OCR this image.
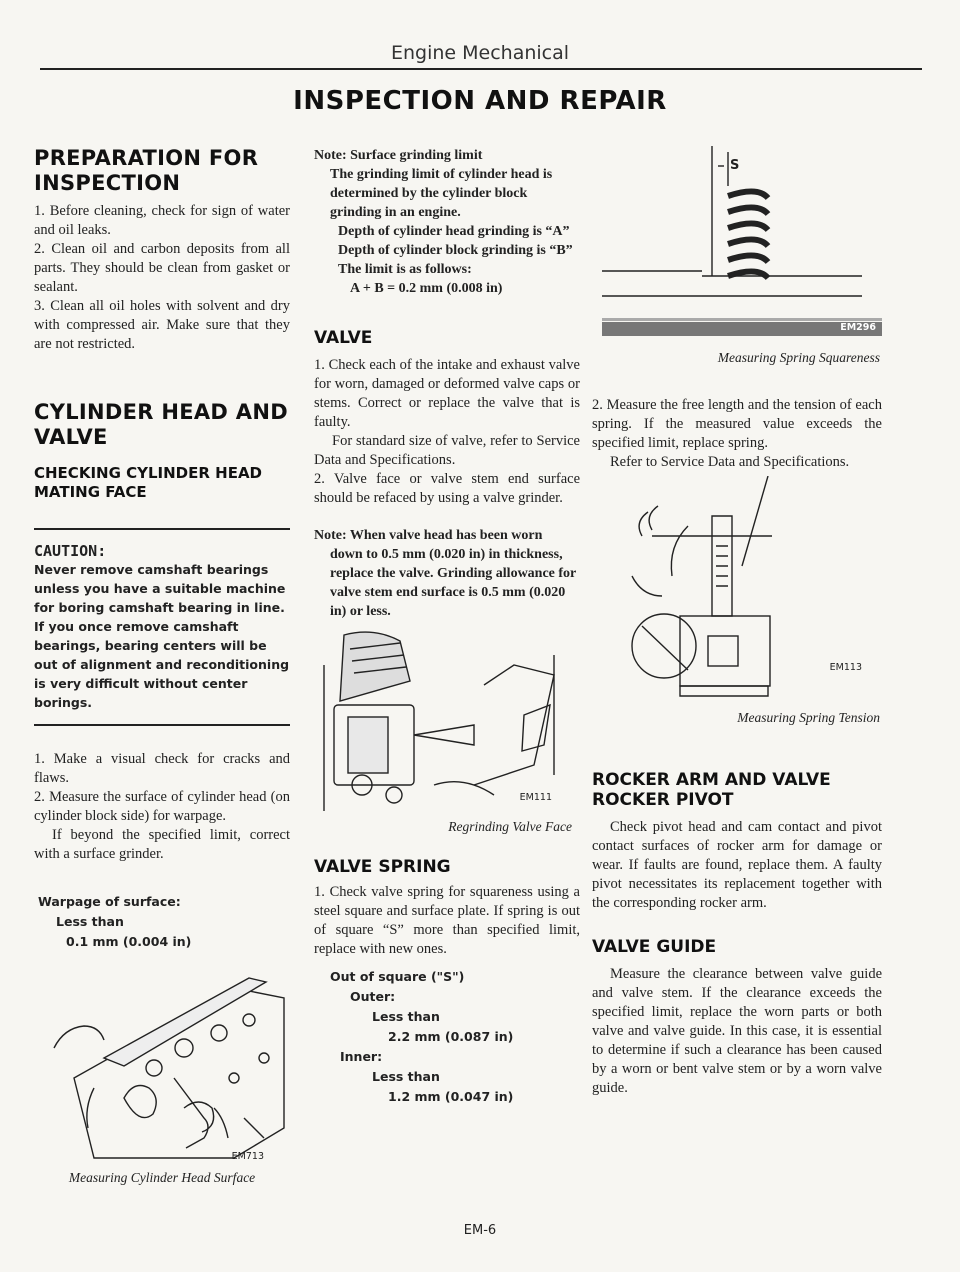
Engine Mechanical
INSPECTION AND REPAIR
PREPARATION FOR INSPECTION

1. Before cleaning, check for sign of water and oil leaks.

2. Clean oil and carbon deposits from all parts. They should be clean from gasket or sealant.

3. Clean all oil holes with solvent and dry with compressed air. Make sure that they are not restricted.

CYLINDER HEAD AND VALVE
CHECKING CYLINDER HEAD MATING FACE
CAUTION:
Never remove camshaft bearings unless you have a suitable machine for boring camshaft bearing in line. If you once remove camshaft bearings, bearing centers will be out of alignment and reconditioning is very difficult without center borings.

1. Make a visual check for cracks and flaws.

2. Measure the surface of cylinder head (on cylinder block side) for warpage.

If beyond the specified limit, correct with a surface grinder.

Warpage of surface:
Less than
0.1 mm (0.004 in)
EM713
Measuring Cylinder Head Surface
Note: Surface grinding limit
The grinding limit of cylinder head is determined by the cylinder block grinding in an engine.
Depth of cylinder head grinding is “A”
Depth of cylinder block grinding is “B”
The limit is as follows:
A + B = 0.2 mm (0.008 in)
VALVE

1. Check each of the intake and exhaust valve for worn, damaged or deformed valve caps or stems. Correct or replace the valve that is faulty.

For standard size of valve, refer to Service Data and Specifications.

2. Valve face or valve stem end surface should be refaced by using a valve grinder.

Note: When valve head has been worn
down to 0.5 mm (0.020 in) in thickness, replace the valve. Grinding allowance for valve stem end surface is 0.5 mm (0.020 in) or less.
EM111
Regrinding Valve Face
VALVE SPRING

1. Check valve spring for squareness using a steel square and surface plate. If spring is out of square “S” more than specified limit, replace with new ones.

Out of square ("S")
Outer:
Less than
2.2 mm (0.087 in)
Inner:
Less than
1.2 mm (0.047 in)
S
EM296
Measuring Spring Squareness

2. Measure the free length and the tension of each spring. If the measured value exceeds the specified limit, replace spring.

Refer to Service Data and Specifications.

EM113
Measuring Spring Tension
ROCKER ARM AND VALVE ROCKER PIVOT

Check pivot head and cam contact and pivot contact surfaces of rocker arm for damage or wear. If faults are found, replace them. A faulty pivot necessitates its replacement together with the corresponding rocker arm.

VALVE GUIDE

Measure the clearance between valve guide and valve stem. If the clearance exceeds the specified limit, replace the worn parts or both valve and valve guide. In this case, it is essential to determine if such a clearance has been caused by a worn or bent valve stem or by a worn valve guide.

EM-6
